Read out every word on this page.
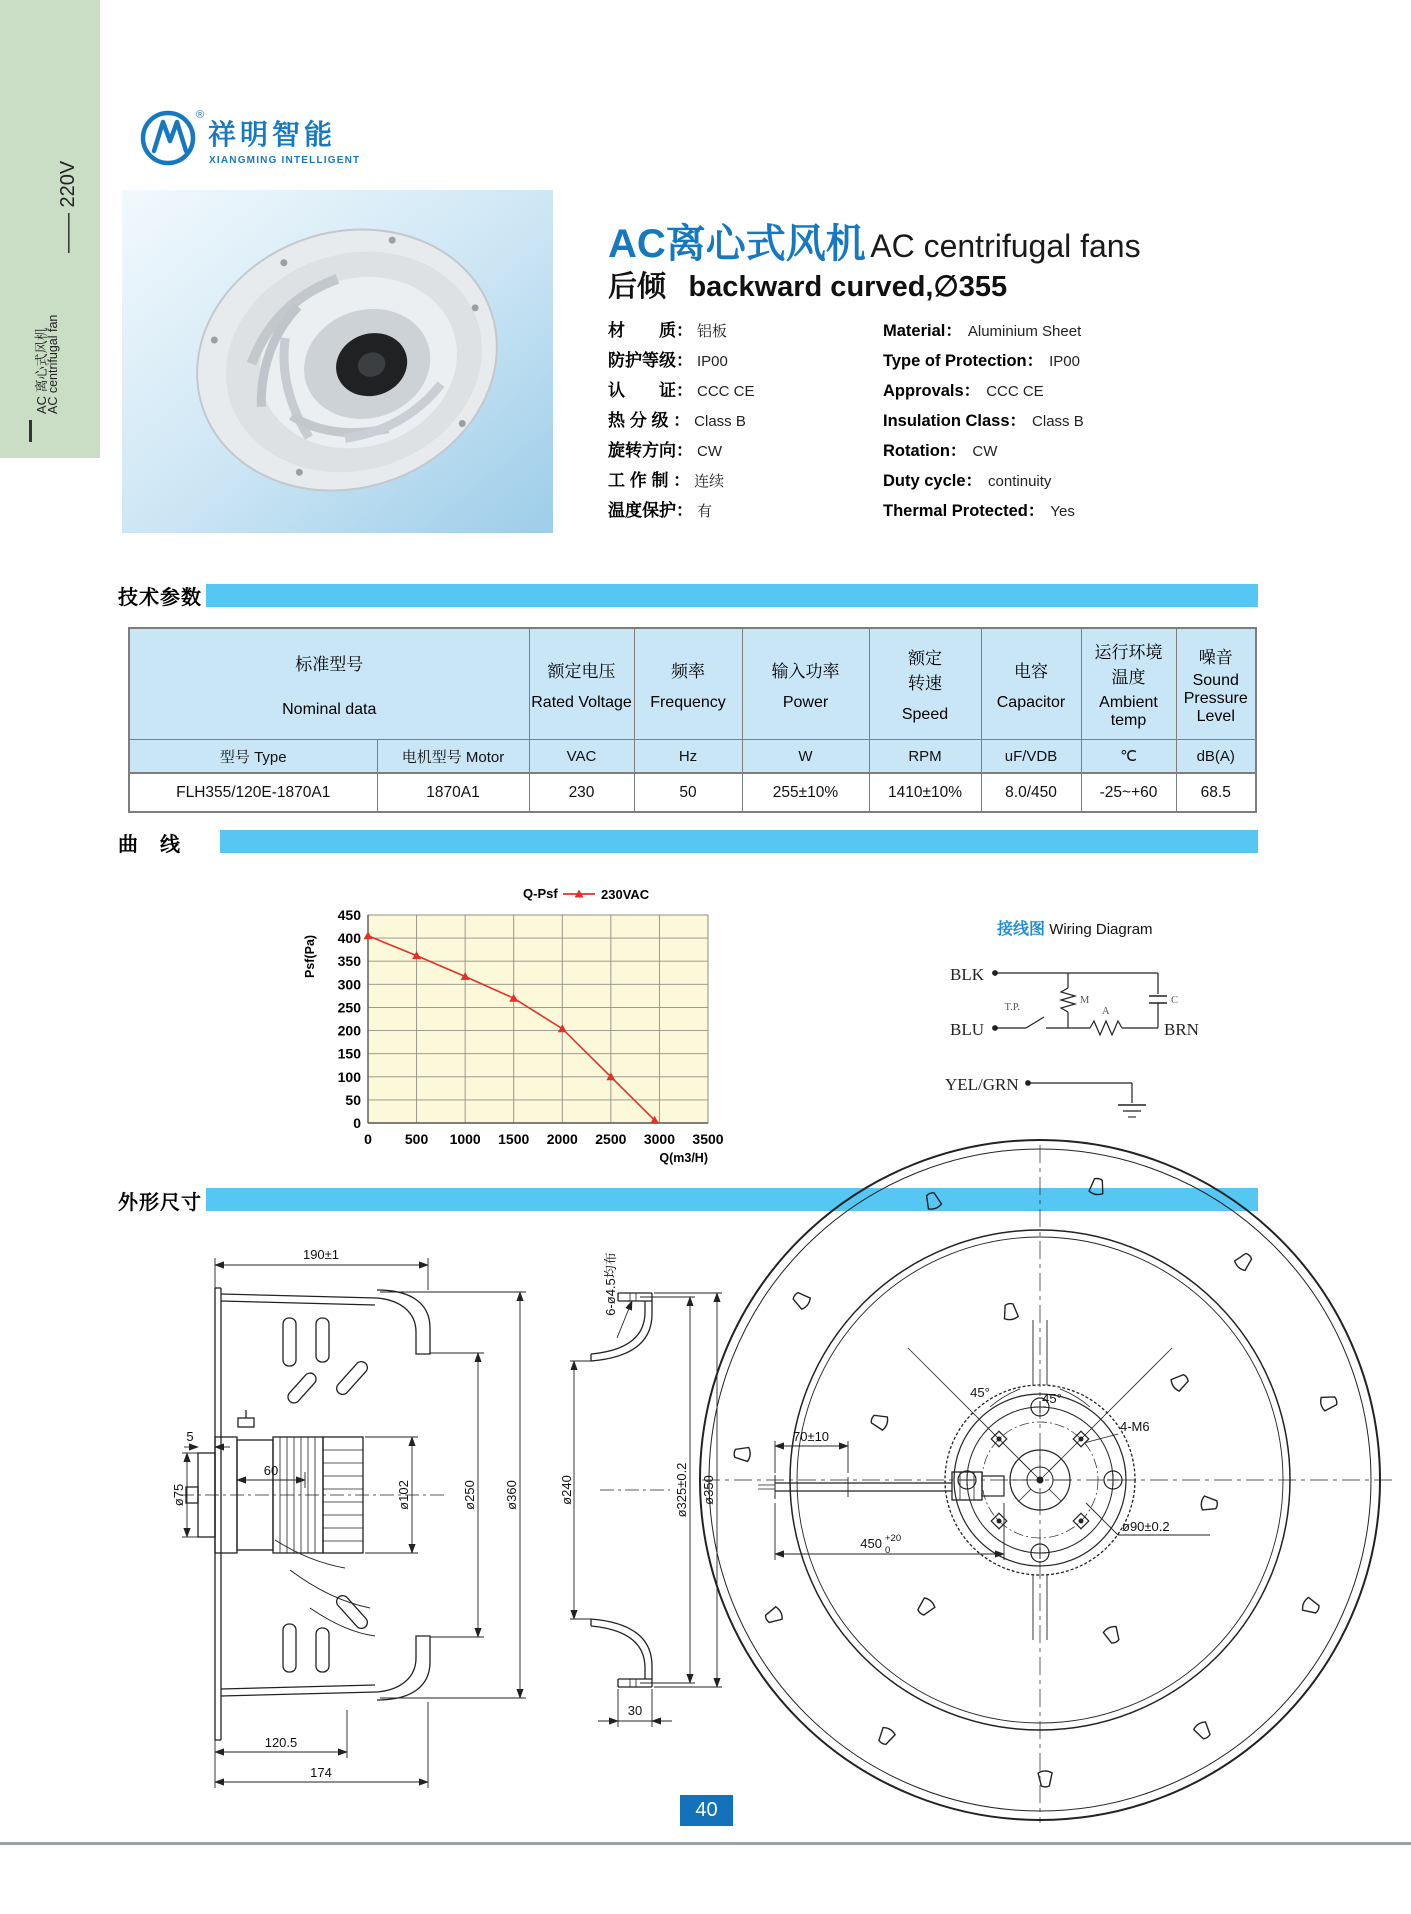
AC 离心式风机
AC centrifugal fan
—— 220V
®
祥明智能
XIANGMING INTELLIGENT
AC离心式风机 AC centrifugal fans
后倾 backward curved,∅355
材　　质： 铝板	Material： Aluminium Sheet
防护等级： IP00	Type of Protection： IP00
认　　证： CCC CE	Approvals： CCC CE
热 分 级 ： Class B	Insulation Class： Class B
旋转方向： CW	Rotation： CW
工 作 制 ： 连续	Duty cycle： continuity
温度保护： 有	Thermal Protected： Yes
技术参数
标准型号
Nominal data

额定电压
Rated Voltage

频率
Frequency

输入功率
Power

额定转速
Speed

电容
Capacitor

运行环境温度
Ambient temp

噪音
Sound Pressure Level

型号 Type	电机型号 Motor	VAC	Hz	W	RPM	uF/VDB	℃	dB(A)
FLH355/120E-1870A1	1870A1	230	50	255±10%	1410±10%	8.0/450	-25~+60	68.5
曲　线
Q-Psf	230VAC
Psf(Pa)
Q(m3/H)
0 500 1000 1500 2000 2500 3000 3500
0
50
100
150
200
250
300
350
400
450
接线图 Wiring Diagram
BLK
BLU
YEL/GRN
BRN
T.P.
M
A
C
外形尺寸
190±1
5
ø75
60
ø102	ø250 ø360
120.5
174
6-ø4.5均布
ø240	ø325±0.2 ø350
30
45°	45°
4-M6
ø90±0.2
70±10
450 +20
0
40
